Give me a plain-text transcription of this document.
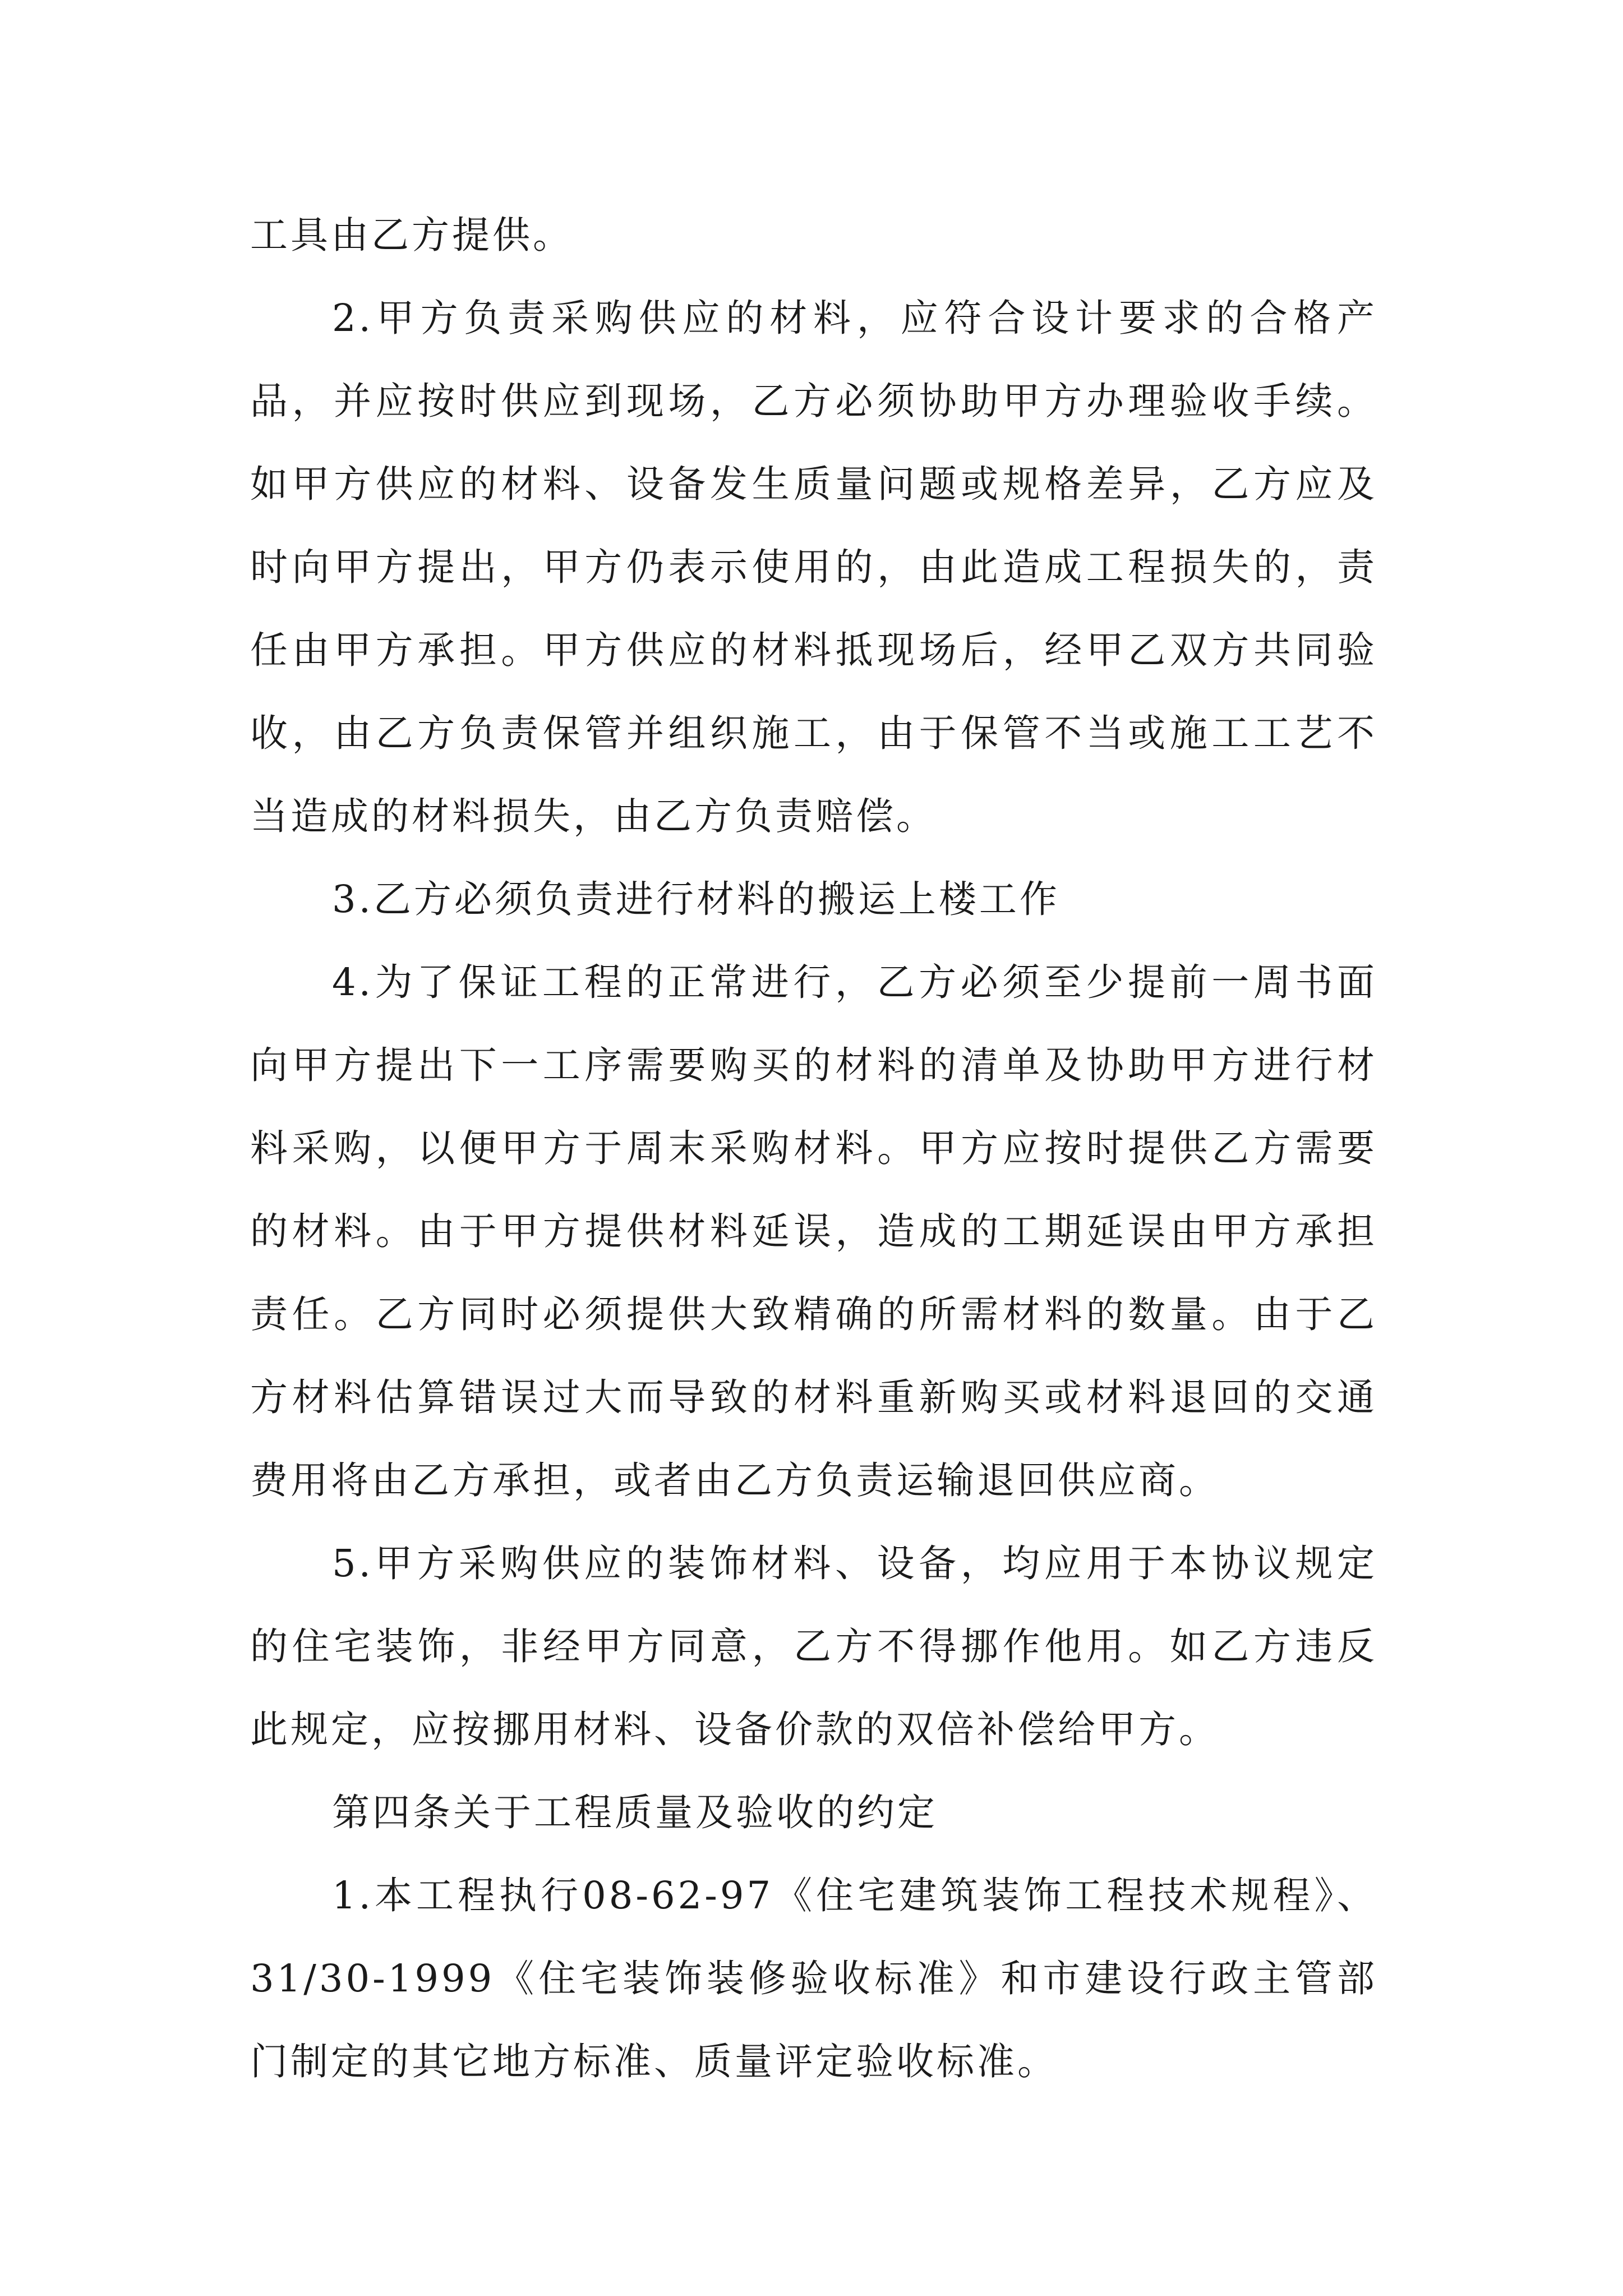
工具由乙方提供。

2.甲方负责采购供应的材料，应符合设计要求的合格产品，并应按时供应到现场，乙方必须协助甲方办理验收手续。如甲方供应的材料、设备发生质量问题或规格差异，乙方应及时向甲方提出，甲方仍表示使用的，由此造成工程损失的，责任由甲方承担。甲方供应的材料抵现场后，经甲乙双方共同验收，由乙方负责保管并组织施工，由于保管不当或施工工艺不当造成的材料损失，由乙方负责赔偿。

3.乙方必须负责进行材料的搬运上楼工作

4.为了保证工程的正常进行，乙方必须至少提前一周书面向甲方提出下一工序需要购买的材料的清单及协助甲方进行材料采购，以便甲方于周末采购材料。甲方应按时提供乙方需要的材料。由于甲方提供材料延误，造成的工期延误由甲方承担责任。乙方同时必须提供大致精确的所需材料的数量。由于乙方材料估算错误过大而导致的材料重新购买或材料退回的交通费用将由乙方承担，或者由乙方负责运输退回供应商。

5.甲方采购供应的装饰材料、设备，均应用于本协议规定的住宅装饰，非经甲方同意，乙方不得挪作他用。如乙方违反此规定，应按挪用材料、设备价款的双倍补偿给甲方。

第四条关于工程质量及验收的约定

1.本工程执行08-62-97《住宅建筑装饰工程技术规程》、31/30-1999《住宅装饰装修验收标准》和市建设行政主管部门制定的其它地方标准、质量评定验收标准。
